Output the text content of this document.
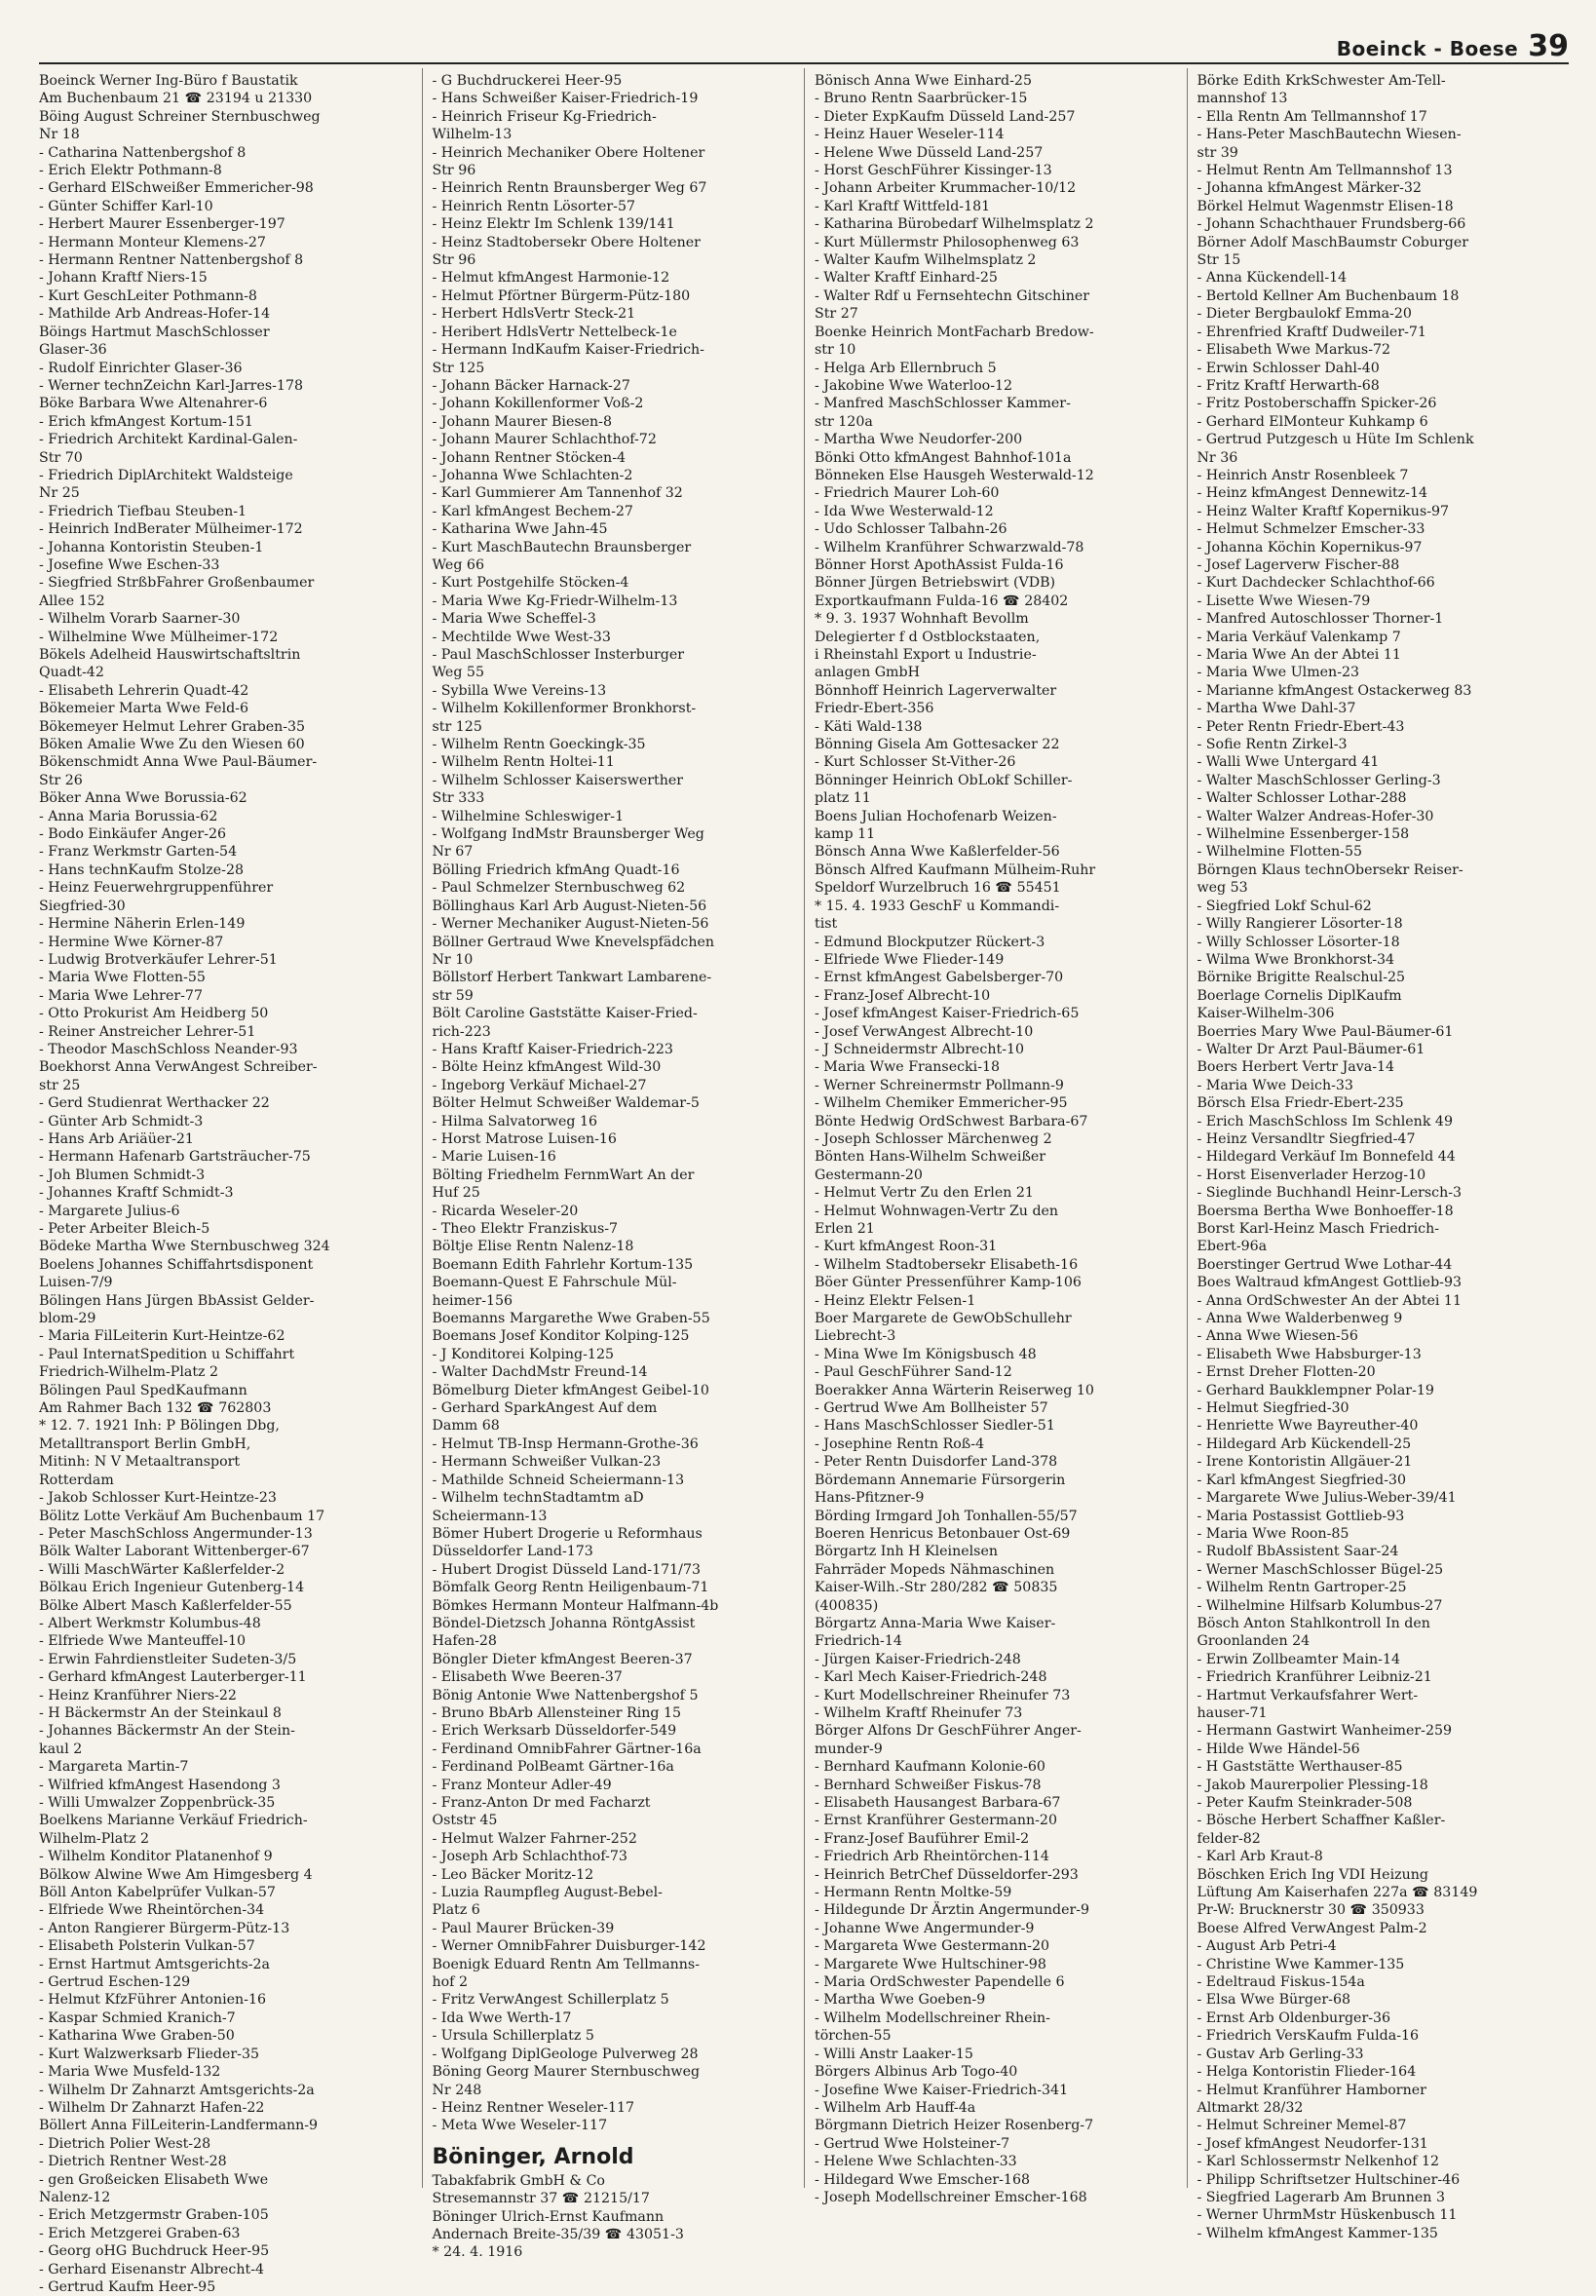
Boeinck - Boese 39
Boeinck Werner Ing-Büro f Baustatik
Am Buchenbaum 21 ☎ 23194 u 21330
Böing August Schreiner Sternbuschweg
Nr 18
- Catharina Nattenbergshof 8
- Erich Elektr Pothmann-8
- Gerhard ElSchweißer Emmericher-98
- Günter Schiffer Karl-10
- Herbert Maurer Essenberger-197
- Hermann Monteur Klemens-27
- Hermann Rentner Nattenbergshof 8
- Johann Kraftf Niers-15
- Kurt GeschLeiter Pothmann-8
- Mathilde Arb Andreas-Hofer-14
Böings Hartmut MaschSchlosser
Glaser-36
- Rudolf Einrichter Glaser-36
- Werner technZeichn Karl-Jarres-178
Böke Barbara Wwe Altenahrer-6
- Erich kfmAngest Kortum-151
- Friedrich Architekt Kardinal-Galen-
Str 70
- Friedrich DiplArchitekt Waldsteige
Nr 25
- Friedrich Tiefbau Steuben-1
- Heinrich IndBerater Mülheimer-172
- Johanna Kontoristin Steuben-1
- Josefine Wwe Eschen-33
- Siegfried StrßbFahrer Großenbaumer
Allee 152
- Wilhelm Vorarb Saarner-30
- Wilhelmine Wwe Mülheimer-172
Bökels Adelheid Hauswirtschaftsltrin
Quadt-42
- Elisabeth Lehrerin Quadt-42
Bökemeier Marta Wwe Feld-6
Bökemeyer Helmut Lehrer Graben-35
Böken Amalie Wwe Zu den Wiesen 60
Bökenschmidt Anna Wwe Paul-Bäumer-
Str 26
Böker Anna Wwe Borussia-62
- Anna Maria Borussia-62
- Bodo Einkäufer Anger-26
- Franz Werkmstr Garten-54
- Hans technKaufm Stolze-28
- Heinz Feuerwehrgruppenführer
Siegfried-30
- Hermine Näherin Erlen-149
- Hermine Wwe Körner-87
- Ludwig Brotverkäufer Lehrer-51
- Maria Wwe Flotten-55
- Maria Wwe Lehrer-77
- Otto Prokurist Am Heidberg 50
- Reiner Anstreicher Lehrer-51
- Theodor MaschSchloss Neander-93
Boekhorst Anna VerwAngest Schreiber-
str 25
- Gerd Studienrat Werthacker 22
- Günter Arb Schmidt-3
- Hans Arb Ariäüer-21
- Hermann Hafenarb Gartsträucher-75
- Joh Blumen Schmidt-3
- Johannes Kraftf Schmidt-3
- Margarete Julius-6
- Peter Arbeiter Bleich-5
Bödeke Martha Wwe Sternbuschweg 324
Boelens Johannes Schiffahrtsdisponent
Luisen-7/9
Bölingen Hans Jürgen BbAssist Gelder-
blom-29
- Maria FilLeiterin Kurt-Heintze-62
- Paul InternatSpedition u Schiffahrt
Friedrich-Wilhelm-Platz 2
Bölingen Paul SpedKaufmann
Am Rahmer Bach 132 ☎ 762803
* 12. 7. 1921 Inh: P Bölingen Dbg,
Metalltransport Berlin GmbH,
Mitinh: N V Metaaltransport
Rotterdam
- Jakob Schlosser Kurt-Heintze-23
Bölitz Lotte Verkäuf Am Buchenbaum 17
- Peter MaschSchloss Angermunder-13
Bölk Walter Laborant Wittenberger-67
- Willi MaschWärter Kaßlerfelder-2
Bölkau Erich Ingenieur Gutenberg-14
Bölke Albert Masch Kaßlerfelder-55
- Albert Werkmstr Kolumbus-48
- Elfriede Wwe Manteuffel-10
- Erwin Fahrdienstleiter Sudeten-3/5
- Gerhard kfmAngest Lauterberger-11
- Heinz Kranführer Niers-22
- H Bäckermstr An der Steinkaul 8
- Johannes Bäckermstr An der Stein-
kaul 2
- Margareta Martin-7
- Wilfried kfmAngest Hasendong 3
- Willi Umwalzer Zoppenbrück-35
Boelkens Marianne Verkäuf Friedrich-
Wilhelm-Platz 2
- Wilhelm Konditor Platanenhof 9
Bölkow Alwine Wwe Am Himgesberg 4
Böll Anton Kabelprüfer Vulkan-57
- Elfriede Wwe Rheintörchen-34
- Anton Rangierer Bürgerm-Pütz-13
- Elisabeth Polsterin Vulkan-57
- Ernst Hartmut Amtsgerichts-2a
- Gertrud Eschen-129
- Helmut KfzFührer Antonien-16
- Kaspar Schmied Kranich-7
- Katharina Wwe Graben-50
- Kurt Walzwerksarb Flieder-35
- Maria Wwe Musfeld-132
- Wilhelm Dr Zahnarzt Amtsgerichts-2a
- Wilhelm Dr Zahnarzt Hafen-22
Böllert Anna FilLeiterin-Landfermann-9
- Dietrich Polier West-28
- Dietrich Rentner West-28
- gen Großeicken Elisabeth Wwe
Nalenz-12
- Erich Metzgermstr Graben-105
- Erich Metzgerei Graben-63
- Georg oHG Buchdruck Heer-95
- Gerhard Eisenanstr Albrecht-4
- Gertrud Kaufm Heer-95
- G Buchdruckerei Heer-95
- Hans Schweißer Kaiser-Friedrich-19
- Heinrich Friseur Kg-Friedrich-
Wilhelm-13
- Heinrich Mechaniker Obere Holtener
Str 96
- Heinrich Rentn Braunsberger Weg 67
- Heinrich Rentn Lösorter-57
- Heinz Elektr Im Schlenk 139/141
- Heinz Stadtobersekr Obere Holtener
Str 96
- Helmut kfmAngest Harmonie-12
- Helmut Pförtner Bürgerm-Pütz-180
- Herbert HdlsVertr Steck-21
- Heribert HdlsVertr Nettelbeck-1e
- Hermann IndKaufm Kaiser-Friedrich-
Str 125
- Johann Bäcker Harnack-27
- Johann Kokillenformer Voß-2
- Johann Maurer Biesen-8
- Johann Maurer Schlachthof-72
- Johann Rentner Stöcken-4
- Johanna Wwe Schlachten-2
- Karl Gummierer Am Tannenhof 32
- Karl kfmAngest Bechem-27
- Katharina Wwe Jahn-45
- Kurt MaschBautechn Braunsberger
Weg 66
- Kurt Postgehilfe Stöcken-4
- Maria Wwe Kg-Friedr-Wilhelm-13
- Maria Wwe Scheffel-3
- Mechtilde Wwe West-33
- Paul MaschSchlosser Insterburger
Weg 55
- Sybilla Wwe Vereins-13
- Wilhelm Kokillenformer Bronkhorst-
str 125
- Wilhelm Rentn Goeckingk-35
- Wilhelm Rentn Holtei-11
- Wilhelm Schlosser Kaiserswerther
Str 333
- Wilhelmine Schleswiger-1
- Wolfgang IndMstr Braunsberger Weg
Nr 67
Bölling Friedrich kfmAng Quadt-16
- Paul Schmelzer Sternbuschweg 62
Böllinghaus Karl Arb August-Nieten-56
- Werner Mechaniker August-Nieten-56
Böllner Gertraud Wwe Knevelspfädchen
Nr 10
Böllstorf Herbert Tankwart Lambarene-
str 59
Bölt Caroline Gaststätte Kaiser-Fried-
rich-223
- Hans Kraftf Kaiser-Friedrich-223
- Bölte Heinz kfmAngest Wild-30
- Ingeborg Verkäuf Michael-27
Bölter Helmut Schweißer Waldemar-5
- Hilma Salvatorweg 16
- Horst Matrose Luisen-16
- Marie Luisen-16
Bölting Friedhelm FernmWart An der
Huf 25
- Ricarda Weseler-20
- Theo Elektr Franziskus-7
Böltje Elise Rentn Nalenz-18
Boemann Edith Fahrlehr Kortum-135
Boemann-Quest E Fahrschule Mül-
heimer-156
Boemanns Margarethe Wwe Graben-55
Boemans Josef Konditor Kolping-125
- J Konditorei Kolping-125
- Walter DachdMstr Freund-14
Bömelburg Dieter kfmAngest Geibel-10
- Gerhard SparkAngest Auf dem
Damm 68
- Helmut TB-Insp Hermann-Grothe-36
- Hermann Schweißer Vulkan-23
- Mathilde Schneid Scheiermann-13
- Wilhelm technStadtamtm aD
Scheiermann-13
Bömer Hubert Drogerie u Reformhaus
Düsseldorfer Land-173
- Hubert Drogist Düsseld Land-171/73
Bömfalk Georg Rentn Heiligenbaum-71
Bömkes Hermann Monteur Halfmann-4b
Böndel-Dietzsch Johanna RöntgAssist
Hafen-28
Böngler Dieter kfmAngest Beeren-37
- Elisabeth Wwe Beeren-37
Bönig Antonie Wwe Nattenbergshof 5
- Bruno BbArb Allensteiner Ring 15
- Erich Werksarb Düsseldorfer-549
- Ferdinand OmnibFahrer Gärtner-16a
- Ferdinand PolBeamt Gärtner-16a
- Franz Monteur Adler-49
- Franz-Anton Dr med Facharzt
Oststr 45
- Helmut Walzer Fahrner-252
- Joseph Arb Schlachthof-73
- Leo Bäcker Moritz-12
- Luzia Raumpfleg August-Bebel-
Platz 6
- Paul Maurer Brücken-39
- Werner OmnibFahrer Duisburger-142
Boenigk Eduard Rentn Am Tellmanns-
hof 2
- Fritz VerwAngest Schillerplatz 5
- Ida Wwe Werth-17
- Ursula Schillerplatz 5
- Wolfgang DiplGeologe Pulverweg 28
Böning Georg Maurer Sternbuschweg
Nr 248
- Heinz Rentner Weseler-117
- Meta Wwe Weseler-117
Böninger, Arnold
Tabakfabrik GmbH & Co
Stresemannstr 37 ☎ 21215/17
Böninger Ulrich-Ernst Kaufmann
Andernach Breite-35/39 ☎ 43051-3
* 24. 4. 1916
Bönisch Anna Wwe Einhard-25
- Bruno Rentn Saarbrücker-15
- Dieter ExpKaufm Düsseld Land-257
- Heinz Hauer Weseler-114
- Helene Wwe Düsseld Land-257
- Horst GeschFührer Kissinger-13
- Johann Arbeiter Krummacher-10/12
- Karl Kraftf Wittfeld-181
- Katharina Bürobedarf Wilhelmsplatz 2
- Kurt Müllermstr Philosophenweg 63
- Walter Kaufm Wilhelmsplatz 2
- Walter Kraftf Einhard-25
- Walter Rdf u Fernsehtechn Gitschiner
Str 27
Boenke Heinrich MontFacharb Bredow-
str 10
- Helga Arb Ellernbruch 5
- Jakobine Wwe Waterloo-12
- Manfred MaschSchlosser Kammer-
str 120a
- Martha Wwe Neudorfer-200
Bönki Otto kfmAngest Bahnhof-101a
Bönneken Else Hausgeh Westerwald-12
- Friedrich Maurer Loh-60
- Ida Wwe Westerwald-12
- Udo Schlosser Talbahn-26
- Wilhelm Kranführer Schwarzwald-78
Bönner Horst ApothAssist Fulda-16
Bönner Jürgen Betriebswirt (VDB)
Exportkaufmann Fulda-16 ☎ 28402
* 9. 3. 1937 Wohnhaft Bevollm
Delegierter f d Ostblockstaaten,
i Rheinstahl Export u Industrie-
anlagen GmbH
Bönnhoff Heinrich Lagerverwalter
Friedr-Ebert-356
- Käti Wald-138
Bönning Gisela Am Gottesacker 22
- Kurt Schlosser St-Vither-26
Bönninger Heinrich ObLokf Schiller-
platz 11
Boens Julian Hochofenarb Weizen-
kamp 11
Bönsch Anna Wwe Kaßlerfelder-56
Bönsch Alfred Kaufmann Mülheim-Ruhr
Speldorf Wurzelbruch 16 ☎ 55451
* 15. 4. 1933 GeschF u Kommandi-
tist
- Edmund Blockputzer Rückert-3
- Elfriede Wwe Flieder-149
- Ernst kfmAngest Gabelsberger-70
- Franz-Josef Albrecht-10
- Josef kfmAngest Kaiser-Friedrich-65
- Josef VerwAngest Albrecht-10
- J Schneidermstr Albrecht-10
- Maria Wwe Fransecki-18
- Werner Schreinermstr Pollmann-9
- Wilhelm Chemiker Emmericher-95
Bönte Hedwig OrdSchwest Barbara-67
- Joseph Schlosser Märchenweg 2
Bönten Hans-Wilhelm Schweißer
Gestermann-20
- Helmut Vertr Zu den Erlen 21
- Helmut Wohnwagen-Vertr Zu den
Erlen 21
- Kurt kfmAngest Roon-31
- Wilhelm Stadtobersekr Elisabeth-16
Böer Günter Pressenführer Kamp-106
- Heinz Elektr Felsen-1
Boer Margarete de GewObSchullehr
Liebrecht-3
- Mina Wwe Im Königsbusch 48
- Paul GeschFührer Sand-12
Boerakker Anna Wärterin Reiserweg 10
- Gertrud Wwe Am Bollheister 57
- Hans MaschSchlosser Siedler-51
- Josephine Rentn Roß-4
- Peter Rentn Duisdorfer Land-378
Bördemann Annemarie Fürsorgerin
Hans-Pfitzner-9
Börding Irmgard Joh Tonhallen-55/57
Boeren Henricus Betonbauer Ost-69
Börgartz Inh H Kleinelsen
Fahrräder Mopeds Nähmaschinen
Kaiser-Wilh.-Str 280/282 ☎ 50835
(400835)
Börgartz Anna-Maria Wwe Kaiser-
Friedrich-14
- Jürgen Kaiser-Friedrich-248
- Karl Mech Kaiser-Friedrich-248
- Kurt Modellschreiner Rheinufer 73
- Wilhelm Kraftf Rheinufer 73
Börger Alfons Dr GeschFührer Anger-
munder-9
- Bernhard Kaufmann Kolonie-60
- Bernhard Schweißer Fiskus-78
- Elisabeth Hausangest Barbara-67
- Ernst Kranführer Gestermann-20
- Franz-Josef Bauführer Emil-2
- Friedrich Arb Rheintörchen-114
- Heinrich BetrChef Düsseldorfer-293
- Hermann Rentn Moltke-59
- Hildegunde Dr Ärztin Angermunder-9
- Johanne Wwe Angermunder-9
- Margareta Wwe Gestermann-20
- Margarete Wwe Hultschiner-98
- Maria OrdSchwester Papendelle 6
- Martha Wwe Goeben-9
- Wilhelm Modellschreiner Rhein-
törchen-55
- Willi Anstr Laaker-15
Börgers Albinus Arb Togo-40
- Josefine Wwe Kaiser-Friedrich-341
- Wilhelm Arb Hauff-4a
Börgmann Dietrich Heizer Rosenberg-7
- Gertrud Wwe Holsteiner-7
- Helene Wwe Schlachten-33
- Hildegard Wwe Emscher-168
- Joseph Modellschreiner Emscher-168
Börke Edith KrkSchwester Am-Tell-
mannshof 13
- Ella Rentn Am Tellmannshof 17
- Hans-Peter MaschBautechn Wiesen-
str 39
- Helmut Rentn Am Tellmannshof 13
- Johanna kfmAngest Märker-32
Börkel Helmut Wagenmstr Elisen-18
- Johann Schachthauer Frundsberg-66
Börner Adolf MaschBaumstr Coburger
Str 15
- Anna Kückendell-14
- Bertold Kellner Am Buchenbaum 18
- Dieter Bergbaulokf Emma-20
- Ehrenfried Kraftf Dudweiler-71
- Elisabeth Wwe Markus-72
- Erwin Schlosser Dahl-40
- Fritz Kraftf Herwarth-68
- Fritz Postoberschaffn Spicker-26
- Gerhard ElMonteur Kuhkamp 6
- Gertrud Putzgesch u Hüte Im Schlenk
Nr 36
- Heinrich Anstr Rosenbleek 7
- Heinz kfmAngest Dennewitz-14
- Heinz Walter Kraftf Kopernikus-97
- Helmut Schmelzer Emscher-33
- Johanna Köchin Kopernikus-97
- Josef Lagerverw Fischer-88
- Kurt Dachdecker Schlachthof-66
- Lisette Wwe Wiesen-79
- Manfred Autoschlosser Thorner-1
- Maria Verkäuf Valenkamp 7
- Maria Wwe An der Abtei 11
- Maria Wwe Ulmen-23
- Marianne kfmAngest Ostackerweg 83
- Martha Wwe Dahl-37
- Peter Rentn Friedr-Ebert-43
- Sofie Rentn Zirkel-3
- Walli Wwe Untergard 41
- Walter MaschSchlosser Gerling-3
- Walter Schlosser Lothar-288
- Walter Walzer Andreas-Hofer-30
- Wilhelmine Essenberger-158
- Wilhelmine Flotten-55
Börngen Klaus technObersekr Reiser-
weg 53
- Siegfried Lokf Schul-62
- Willy Rangierer Lösorter-18
- Willy Schlosser Lösorter-18
- Wilma Wwe Bronkhorst-34
Börnike Brigitte Realschul-25
Boerlage Cornelis DiplKaufm
Kaiser-Wilhelm-306
Boerries Mary Wwe Paul-Bäumer-61
- Walter Dr Arzt Paul-Bäumer-61
Boers Herbert Vertr Java-14
- Maria Wwe Deich-33
Börsch Elsa Friedr-Ebert-235
- Erich MaschSchloss Im Schlenk 49
- Heinz Versandltr Siegfried-47
- Hildegard Verkäuf Im Bonnefeld 44
- Horst Eisenverlader Herzog-10
- Sieglinde Buchhandl Heinr-Lersch-3
Boersma Bertha Wwe Bonhoeffer-18
Borst Karl-Heinz Masch Friedrich-
Ebert-96a
Boerstinger Gertrud Wwe Lothar-44
Boes Waltraud kfmAngest Gottlieb-93
- Anna OrdSchwester An der Abtei 11
- Anna Wwe Walderbenweg 9
- Anna Wwe Wiesen-56
- Elisabeth Wwe Habsburger-13
- Ernst Dreher Flotten-20
- Gerhard Baukklempner Polar-19
- Helmut Siegfried-30
- Henriette Wwe Bayreuther-40
- Hildegard Arb Kückendell-25
- Irene Kontoristin Allgäuer-21
- Karl kfmAngest Siegfried-30
- Margarete Wwe Julius-Weber-39/41
- Maria Postassist Gottlieb-93
- Maria Wwe Roon-85
- Rudolf BbAssistent Saar-24
- Werner MaschSchlosser Bügel-25
- Wilhelm Rentn Gartroper-25
- Wilhelmine Hilfsarb Kolumbus-27
Bösch Anton Stahlkontroll In den
Groonlanden 24
- Erwin Zollbeamter Main-14
- Friedrich Kranführer Leibniz-21
- Hartmut Verkaufsfahrer Wert-
hauser-71
- Hermann Gastwirt Wanheimer-259
- Hilde Wwe Händel-56
- H Gaststätte Werthauser-85
- Jakob Maurerpolier Plessing-18
- Peter Kaufm Steinkrader-508
- Bösche Herbert Schaffner Kaßler-
felder-82
- Karl Arb Kraut-8
Böschken Erich Ing VDI Heizung
Lüftung Am Kaiserhafen 227a ☎ 83149
Pr-W: Brucknerstr 30 ☎ 350933
Boese Alfred VerwAngest Palm-2
- August Arb Petri-4
- Christine Wwe Kammer-135
- Edeltraud Fiskus-154a
- Elsa Wwe Bürger-68
- Ernst Arb Oldenburger-36
- Friedrich VersKaufm Fulda-16
- Gustav Arb Gerling-33
- Helga Kontoristin Flieder-164
- Helmut Kranführer Hamborner
Altmarkt 28/32
- Helmut Schreiner Memel-87
- Josef kfmAngest Neudorfer-131
- Karl Schlossermstr Nelkenhof 12
- Philipp Schriftsetzer Hultschiner-46
- Siegfried Lagerarb Am Brunnen 3
- Werner UhrmMstr Hüskenbusch 11
- Wilhelm kfmAngest Kammer-135
